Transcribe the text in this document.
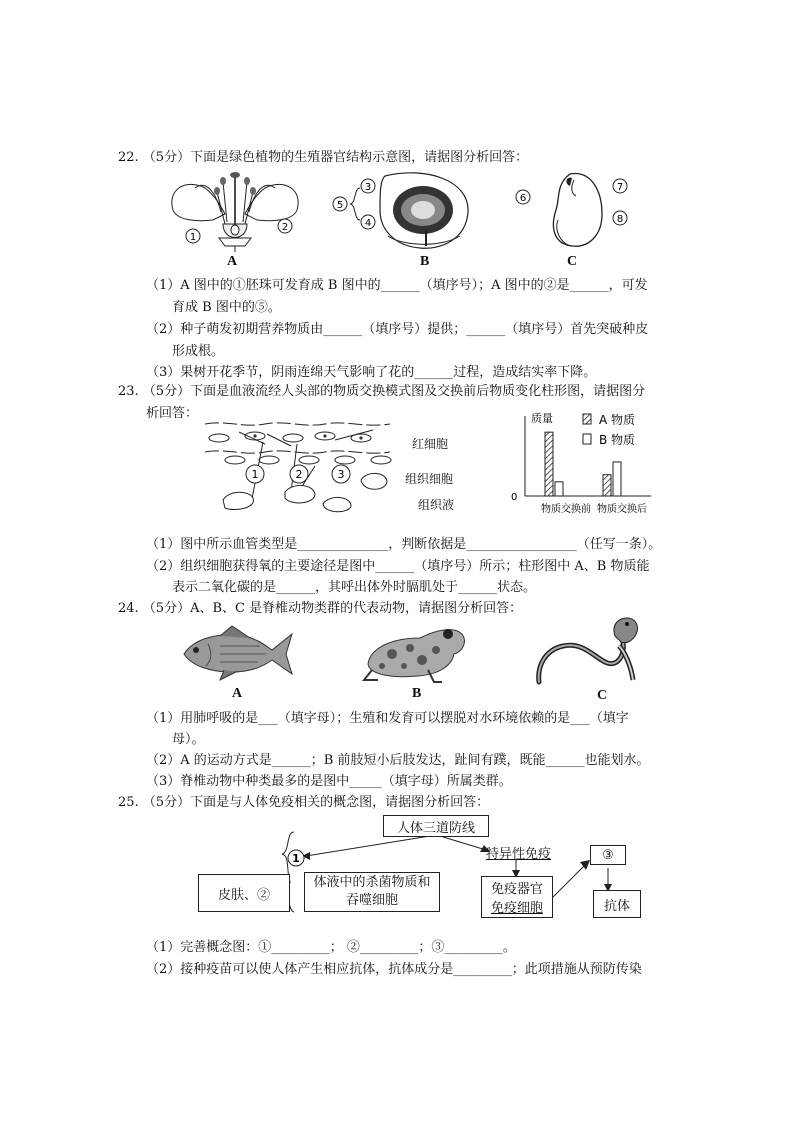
22. （5分）下面是绿色植物的生殖器官结构示意图，请据图分析回答：
1
2
A
3
4
5
B
6
7
8
C
（1）A 图中的①胚珠可发育成 B 图中的______（填序号）；A 图中的②是______，可发
育成 B 图中的⑤。
（2）种子萌发初期营养物质由______（填序号）提供；______（填序号）首先突破种皮
形成根。
（3）果树开花季节，阴雨连绵天气影响了花的______过程，造成结实率下降。
23. （5分）下面是血液流经人头部的物质交换模式图及交换前后物质变化柱形图，请据图分
析回答：
1	2	3
红细胞
组织细胞
组织液
质量
0
A 物质
B 物质
物质交换前 物质交换后
（1）图中所示血管类型是______________，判断依据是_________________（任写一条）。
（2）组织细胞获得氧的主要途径是图中______（填序号）所示；柱形图中 A、B 物质能
表示二氧化碳的是______，其呼出体外时膈肌处于______状态。
24. （5分）A、B、C 是脊椎动物类群的代表动物，请据图分析回答：
A	B	C
（1）用肺呼吸的是___（填字母）；生殖和发育可以摆脱对水环境依赖的是___（填字
母）。
（2）A 的运动方式是______；B 前肢短小后肢发达，趾间有蹼，既能______也能划水。
（3）脊椎动物中种类最多的是图中_____（填字母）所属类群。
25. （5分）下面是与人体免疫相关的概念图，请据图分析回答：
1
人体三道防线
皮肤、②
体液中的杀菌物质和吞噬细胞
特异性免疫
免疫器官
免疫细胞
③
抗体
（1）完善概念图：①_________； ②_________；③_________。
（2）接种疫苗可以使人体产生相应抗体，抗体成分是_________；此项措施从预防传染
